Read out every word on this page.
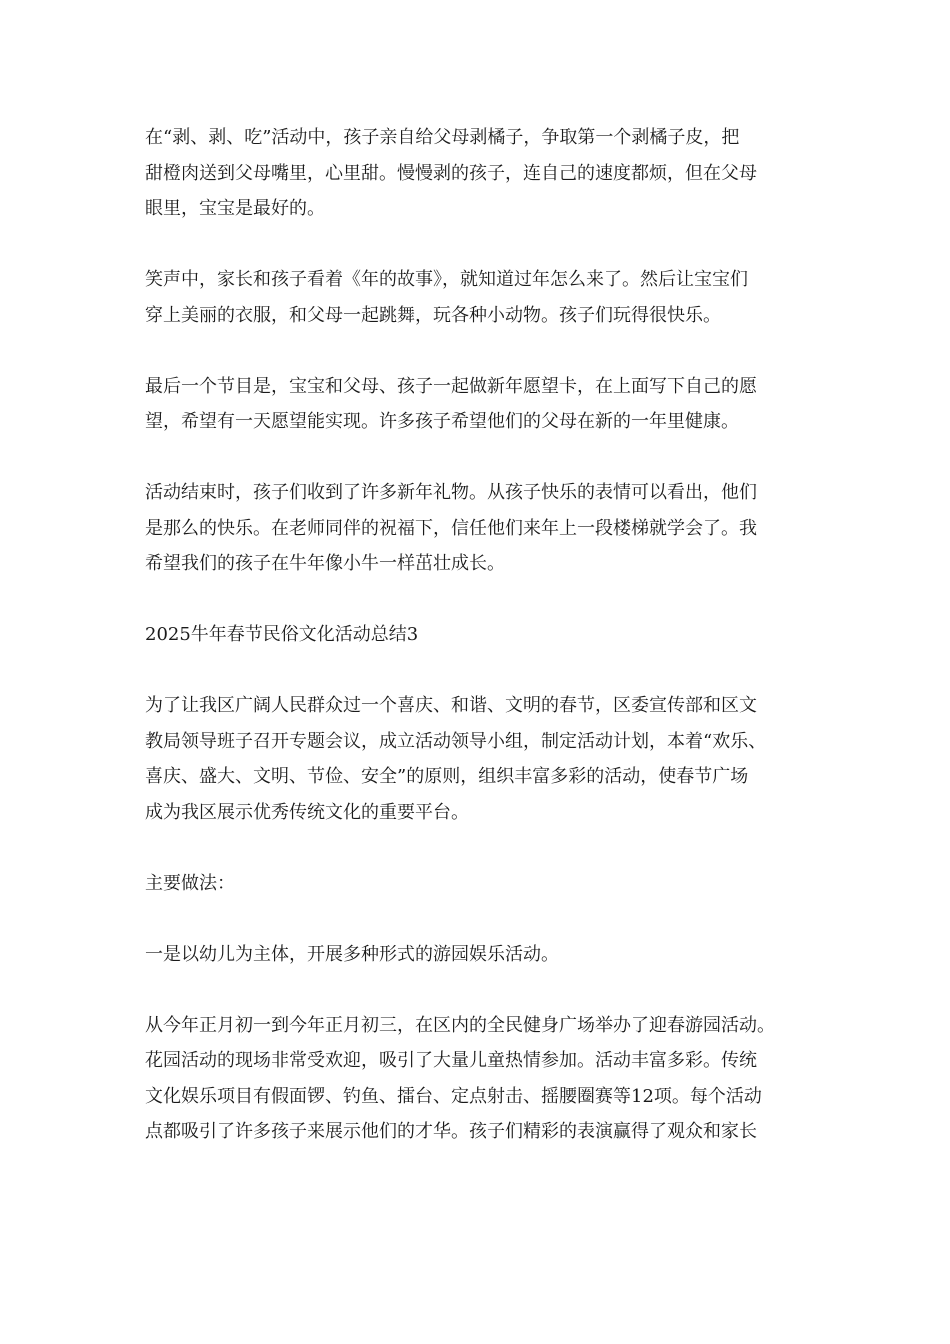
在“剥、剥、吃”活动中，孩子亲自给父母剥橘子，争取第一个剥橘子皮，把
甜橙肉送到父母嘴里，心里甜。慢慢剥的孩子，连自己的速度都烦，但在父母
眼里，宝宝是最好的。

笑声中，家长和孩子看着《年的故事》，就知道过年怎么来了。然后让宝宝们
穿上美丽的衣服，和父母一起跳舞，玩各种小动物。孩子们玩得很快乐。

最后一个节目是，宝宝和父母、孩子一起做新年愿望卡，在上面写下自己的愿
望，希望有一天愿望能实现。许多孩子希望他们的父母在新的一年里健康。

活动结束时，孩子们收到了许多新年礼物。从孩子快乐的表情可以看出，他们
是那么的快乐。在老师同伴的祝福下，信任他们来年上一段楼梯就学会了。我
希望我们的孩子在牛年像小牛一样茁壮成长。

2025牛年春节民俗文化活动总结3

为了让我区广阔人民群众过一个喜庆、和谐、文明的春节，区委宣传部和区文
教局领导班子召开专题会议，成立活动领导小组，制定活动计划，本着“欢乐、
喜庆、盛大、文明、节俭、安全”的原则，组织丰富多彩的活动，使春节广场
成为我区展示优秀传统文化的重要平台。

主要做法：

一是以幼儿为主体，开展多种形式的游园娱乐活动。

从今年正月初一到今年正月初三，在区内的全民健身广场举办了迎春游园活动。
花园活动的现场非常受欢迎，吸引了大量儿童热情参加。活动丰富多彩。传统
文化娱乐项目有假面锣、钓鱼、擂台、定点射击、摇腰圈赛等12项。每个活动
点都吸引了许多孩子来展示他们的才华。孩子们精彩的表演赢得了观众和家长
